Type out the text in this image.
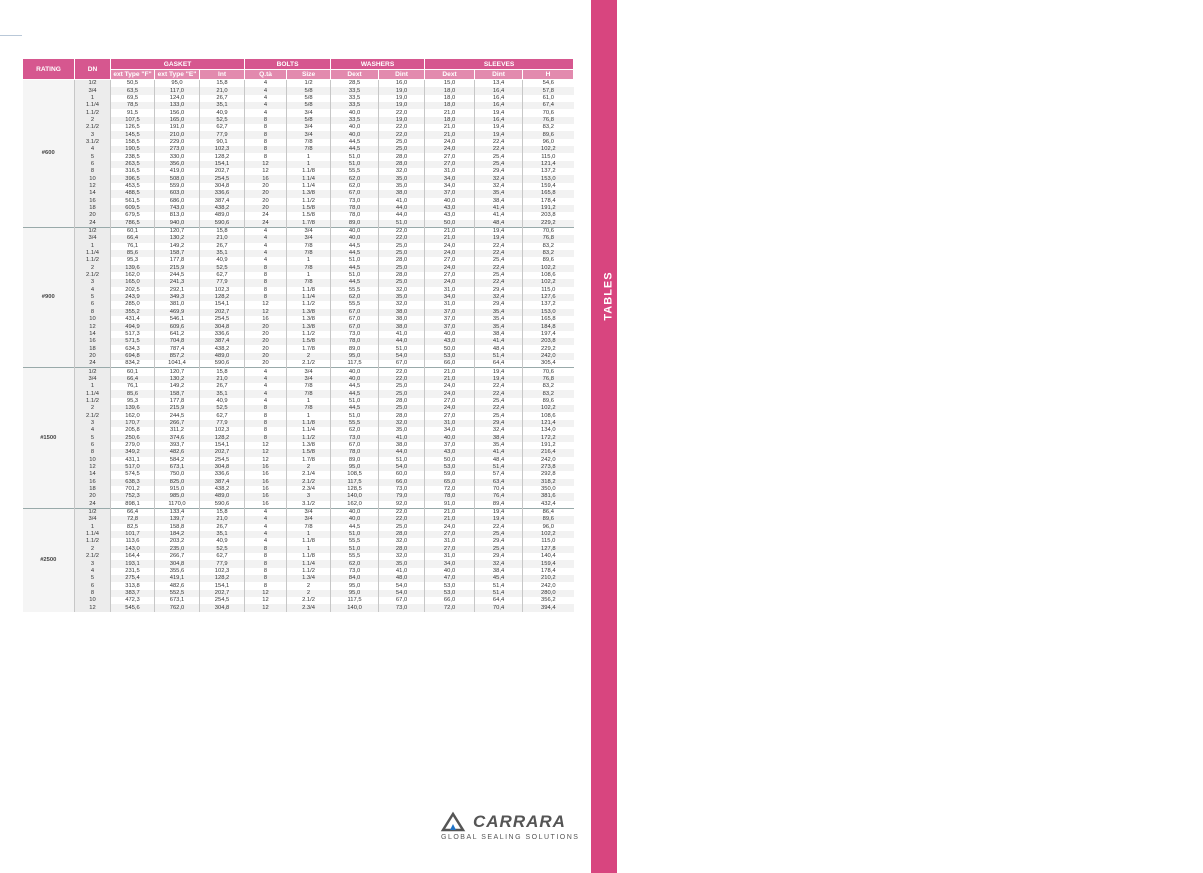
RATING	DN	GASKET			BOLTS		WASHERS		SLEEVES		
		ext Type "F"	ext Type "E"	Int	Q.tà	Size	Dext	Dint	Dext	Dint	H
#600	1/2	50,5	95,0	15,8	4	1/2	28,5	16,0	15,0	13,4	54,6
	3/4	63,5	117,0	21,0	4	5/8	33,5	19,0	18,0	16,4	57,8
	1	69,5	124,0	26,7	4	5/8	33,5	19,0	18,0	16,4	61,0
	1.1/4	78,5	133,0	35,1	4	5/8	33,5	19,0	18,0	16,4	67,4
	1.1/2	91,5	156,0	40,9	4	3/4	40,0	22,0	21,0	19,4	70,6
	2	107,5	165,0	52,5	8	5/8	33,5	19,0	18,0	16,4	76,8
	2.1/2	126,5	191,0	62,7	8	3/4	40,0	22,0	21,0	19,4	83,2
	3	145,5	210,0	77,9	8	3/4	40,0	22,0	21,0	19,4	89,6
	3.1/2	158,5	229,0	90,1	8	7/8	44,5	25,0	24,0	22,4	96,0
	4	190,5	273,0	102,3	8	7/8	44,5	25,0	24,0	22,4	102,2
	5	238,5	330,0	128,2	8	1	51,0	28,0	27,0	25,4	115,0
	6	263,5	356,0	154,1	12	1	51,0	28,0	27,0	25,4	121,4
	8	316,5	419,0	202,7	12	1.1/8	55,5	32,0	31,0	29,4	137,2
	10	396,5	508,0	254,5	16	1.1/4	62,0	35,0	34,0	32,4	153,0
	12	453,5	559,0	304,8	20	1.1/4	62,0	35,0	34,0	32,4	159,4
	14	488,5	603,0	336,6	20	1.3/8	67,0	38,0	37,0	35,4	165,8
	16	561,5	686,0	387,4	20	1.1/2	73,0	41,0	40,0	38,4	178,4
	18	609,5	743,0	438,2	20	1.5/8	78,0	44,0	43,0	41,4	191,2
	20	679,5	813,0	489,0	24	1.5/8	78,0	44,0	43,0	41,4	203,8
	24	786,5	940,0	590,6	24	1.7/8	89,0	51,0	50,0	48,4	229,2
#900	1/2	60,1	120,7	15,8	4	3/4	40,0	22,0	21,0	19,4	70,6
	3/4	66,4	130,2	21,0	4	3/4	40,0	22,0	21,0	19,4	76,8
	1	76,1	149,2	26,7	4	7/8	44,5	25,0	24,0	22,4	83,2
	1.1/4	85,6	158,7	35,1	4	7/8	44,5	25,0	24,0	22,4	83,2
	1.1/2	95,3	177,8	40,9	4	1	51,0	28,0	27,0	25,4	89,6
	2	139,6	215,9	52,5	8	7/8	44,5	25,0	24,0	22,4	102,2
	2.1/2	162,0	244,5	62,7	8	1	51,0	28,0	27,0	25,4	108,6
	3	165,0	241,3	77,9	8	7/8	44,5	25,0	24,0	22,4	102,2
	4	202,5	292,1	102,3	8	1.1/8	55,5	32,0	31,0	29,4	115,0
	5	243,9	349,3	128,2	8	1.1/4	62,0	35,0	34,0	32,4	127,6
	6	285,0	381,0	154,1	12	1.1/2	55,5	32,0	31,0	29,4	137,2
	8	355,2	469,9	202,7	12	1.3/8	67,0	38,0	37,0	35,4	153,0
	10	431,4	546,1	254,5	16	1.3/8	67,0	38,0	37,0	35,4	165,8
	12	494,9	609,6	304,8	20	1.3/8	67,0	38,0	37,0	35,4	184,8
	14	517,3	641,2	336,6	20	1.1/2	73,0	41,0	40,0	38,4	197,4
	16	571,5	704,8	387,4	20	1.5/8	78,0	44,0	43,0	41,4	203,8
	18	634,3	787,4	438,2	20	1.7/8	89,0	51,0	50,0	48,4	229,2
	20	694,8	857,2	489,0	20	2	95,0	54,0	53,0	51,4	242,0
	24	834,2	1041,4	590,6	20	2.1/2	117,5	67,0	66,0	64,4	305,4
#1500	1/2	60,1	120,7	15,8	4	3/4	40,0	22,0	21,0	19,4	70,6
	3/4	66,4	130,2	21,0	4	3/4	40,0	22,0	21,0	19,4	76,8
	1	76,1	149,2	26,7	4	7/8	44,5	25,0	24,0	22,4	83,2
	1.1/4	85,6	158,7	35,1	4	7/8	44,5	25,0	24,0	22,4	83,2
	1.1/2	95,3	177,8	40,9	4	1	51,0	28,0	27,0	25,4	89,6
	2	139,6	215,9	52,5	8	7/8	44,5	25,0	24,0	22,4	102,2
	2.1/2	162,0	244,5	62,7	8	1	51,0	28,0	27,0	25,4	108,6
	3	170,7	266,7	77,9	8	1.1/8	55,5	32,0	31,0	29,4	121,4
	4	205,8	311,2	102,3	8	1.1/4	62,0	35,0	34,0	32,4	134,0
	5	250,6	374,6	128,2	8	1.1/2	73,0	41,0	40,0	38,4	172,2
	6	279,0	393,7	154,1	12	1.3/8	67,0	38,0	37,0	35,4	191,2
	8	349,2	482,6	202,7	12	1.5/8	78,0	44,0	43,0	41,4	216,4
	10	431,1	584,2	254,5	12	1.7/8	89,0	51,0	50,0	48,4	242,0
	12	517,0	673,1	304,8	16	2	95,0	54,0	53,0	51,4	273,8
	14	574,5	750,0	336,6	16	2.1/4	108,5	60,0	59,0	57,4	292,8
	16	638,3	825,0	387,4	16	2.1/2	117,5	66,0	65,0	63,4	318,2
	18	701,2	915,0	438,2	16	2.3/4	128,5	73,0	72,0	70,4	350,0
	20	752,3	985,0	489,0	16	3	140,0	79,0	78,0	76,4	381,6
	24	898,1	1170,0	590,6	16	3.1/2	162,0	92,0	91,0	89,4	432,4
#2500	1/2	66,4	133,4	15,8	4	3/4	40,0	22,0	21,0	19,4	86,4
	3/4	72,8	139,7	21,0	4	3/4	40,0	22,0	21,0	19,4	89,6
	1	82,5	158,8	26,7	4	7/8	44,5	25,0	24,0	22,4	96,0
	1.1/4	101,7	184,2	35,1	4	1	51,0	28,0	27,0	25,4	102,2
	1.1/2	113,6	203,2	40,9	4	1.1/8	55,5	32,0	31,0	29,4	115,0
	2	143,0	235,0	52,5	8	1	51,0	28,0	27,0	25,4	127,8
	2.1/2	164,4	266,7	62,7	8	1.1/8	55,5	32,0	31,0	29,4	140,4
	3	193,1	304,8	77,9	8	1.1/4	62,0	35,0	34,0	32,4	159,4
	4	231,5	355,6	102,3	8	1.1/2	73,0	41,0	40,0	38,4	178,4
	5	275,4	419,1	128,2	8	1.3/4	84,0	48,0	47,0	45,4	210,2
	6	313,8	482,6	154,1	8	2	95,0	54,0	53,0	51,4	242,0
	8	383,7	552,5	202,7	12	2	95,0	54,0	53,0	51,4	280,0
	10	472,3	673,1	254,5	12	2.1/2	117,5	67,0	66,0	64,4	356,2
	12	545,6	762,0	304,8	12	2.3/4	140,0	73,0	72,0	70,4	394,4
Q
19
TABLES
CARRARA
GLOBAL SEALING SOLUTIONS
